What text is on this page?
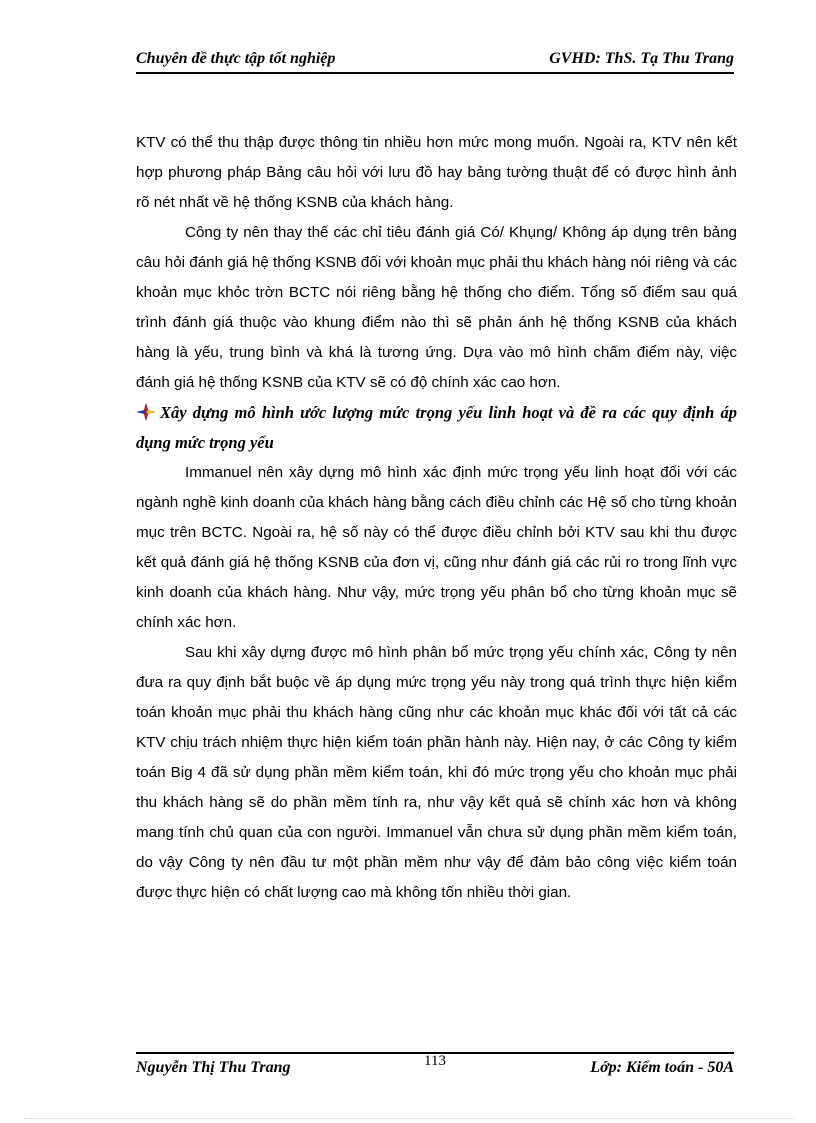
Chuyên đề thực tập tốt nghiệp	GVHD: ThS. Tạ Thu Trang

KTV có thể thu thập được thông tin nhiều hơn mức mong muốn. Ngoài ra, KTV nên kết hợp phương pháp Bảng câu hỏi với lưu đồ hay bảng tường thuật để có được hình ảnh rõ nét nhất về hệ thống KSNB của khách hàng.

Công ty nên thay thế các chỉ tiêu đánh giá Có/ Khụng/ Không áp dụng trên bảng câu hỏi đánh giá hệ thống KSNB đối với khoản mục phải thu khách hàng nói riêng và các khoản mục khỏc trờn BCTC nói riêng bằng hệ thống cho điểm. Tổng số điểm sau quá trình đánh giá thuộc vào khung điểm nào thì sẽ phản ánh hệ thống KSNB của khách hàng là yếu, trung bình và khá là tương ứng. Dựa vào mô hình chấm điểm này, việc đánh giá hệ thống KSNB của KTV sẽ có độ chính xác cao hơn.

Xây dựng mô hình ước lượng mức trọng yếu linh hoạt và đề ra các quy định áp dụng mức trọng yếu

Immanuel nên xây dựng mô hình xác định mức trọng yếu linh hoạt đối với các ngành nghề kinh doanh của khách hàng bằng cách điều chỉnh các Hệ số cho từng khoản mục trên BCTC. Ngoài ra, hệ số này có thể được điều chỉnh bởi KTV sau khi thu được kết quả đánh giá hệ thống KSNB của đơn vị, cũng như đánh giá các rủi ro trong lĩnh vực kinh doanh của khách hàng. Như vậy, mức trọng yếu phân bổ cho từng khoản mục sẽ chính xác hơn.

Sau khi xây dựng được mô hình phân bổ mức trọng yếu chính xác, Công ty nên đưa ra quy định bắt buộc về áp dụng mức trọng yếu này trong quá trình thực hiện kiểm toán khoản mục phải thu khách hàng cũng như các khoản mục khác đối với tất cả các KTV chịu trách nhiệm thực hiện kiểm toán phần hành này. Hiện nay, ở các Công ty kiểm toán Big 4 đã sử dụng phần mềm kiểm toán, khi đó mức trọng yếu cho khoản mục phải thu khách hàng sẽ do phần mềm tính ra, như vậy kết quả sẽ chính xác hơn và không mang tính chủ quan của con người. Immanuel vẫn chưa sử dụng phần mềm kiểm toán, do vậy Công ty nên đầu tư một phần mềm như vậy để đảm bảo công việc kiểm toán được thực hiện có chất lượng cao mà không tốn nhiều thời gian.

Nguyễn Thị Thu Trang	113	Lớp: Kiểm toán - 50A
